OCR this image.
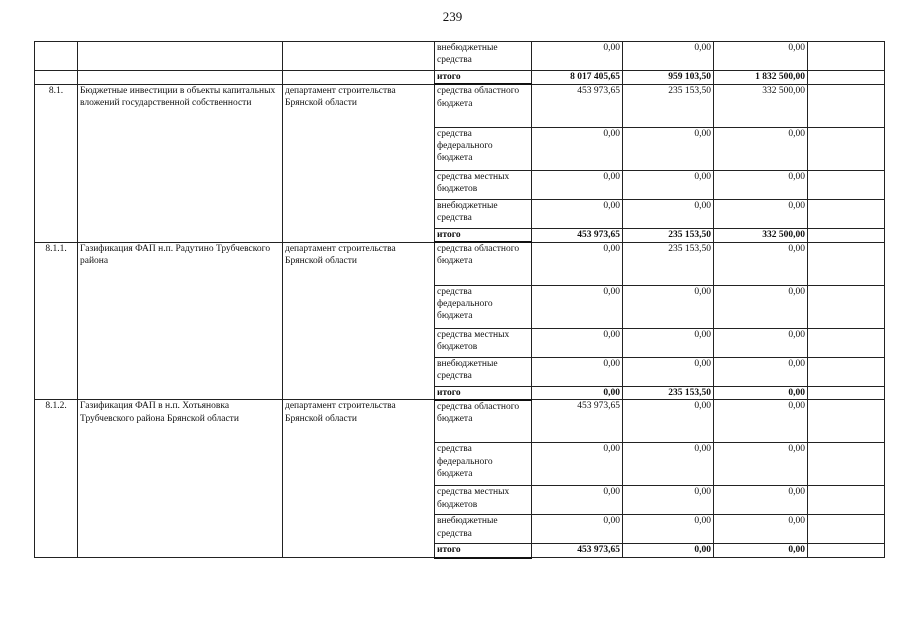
239
			внебюджетные средства	0,00	0,00	0,00	
			итого	8 017 405,65	959 103,50	1 832 500,00	
8.1.	Бюджетные инвестиции в объекты капитальных вложений государственной собственности	департамент строительства Брянской области	средства областного бюджета	453 973,65	235 153,50	332 500,00	
			средства федерального бюджета	0,00	0,00	0,00	
			средства местных бюджетов	0,00	0,00	0,00	
			внебюджетные средства	0,00	0,00	0,00	
			итого	453 973,65	235 153,50	332 500,00	
8.1.1.	Газификация ФАП н.п. Радутино Трубчевского района	департамент строительства Брянской области	средства областного бюджета	0,00	235 153,50	0,00	
			средства федерального бюджета	0,00	0,00	0,00	
			средства местных бюджетов	0,00	0,00	0,00	
			внебюджетные средства	0,00	0,00	0,00	
			итого	0,00	235 153,50	0,00	
8.1.2.	Газификация ФАП в н.п. Хотьяновка Трубчевского района Брянской области	департамент строительства Брянской области	средства областного бюджета	453 973,65	0,00	0,00	
			средства федерального бюджета	0,00	0,00	0,00	
			средства местных бюджетов	0,00	0,00	0,00	
			внебюджетные средства	0,00	0,00	0,00	
			итого	453 973,65	0,00	0,00	
